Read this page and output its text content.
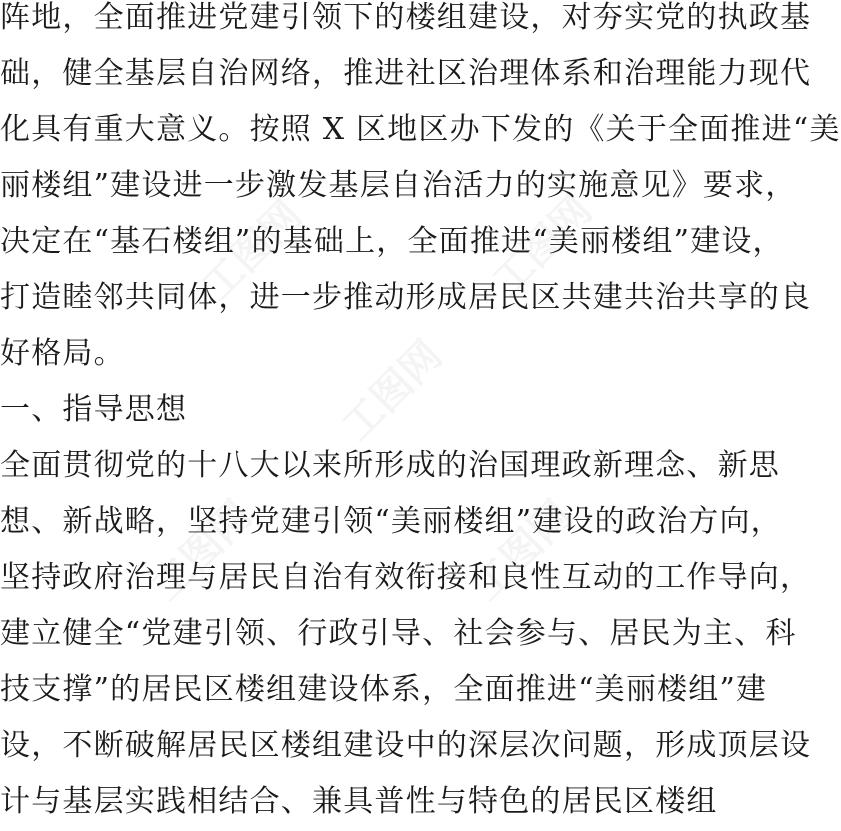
工图网	工图网
工图网
工图网	工图网
阵地，全面推进党建引领下的楼组建设，对夯实党的执政基
础，健全基层自治网络，推进社区治理体系和治理能力现代
化具有重大意义。按照 X 区地区办下发的《关于全面推进“美
丽楼组”建设进一步激发基层自治活力的实施意见》要求，
决定在“基石楼组”的基础上，全面推进“美丽楼组”建设，
打造睦邻共同体，进一步推动形成居民区共建共治共享的良
好格局。
一、指导思想
全面贯彻党的十八大以来所形成的治国理政新理念、新思
想、新战略，坚持党建引领“美丽楼组”建设的政治方向，
坚持政府治理与居民自治有效衔接和良性互动的工作导向，
建立健全“党建引领、行政引导、社会参与、居民为主、科
技支撑”的居民区楼组建设体系，全面推进“美丽楼组”建
设，不断破解居民区楼组建设中的深层次问题，形成顶层设
计与基层实践相结合、兼具普性与特色的居民区楼组
